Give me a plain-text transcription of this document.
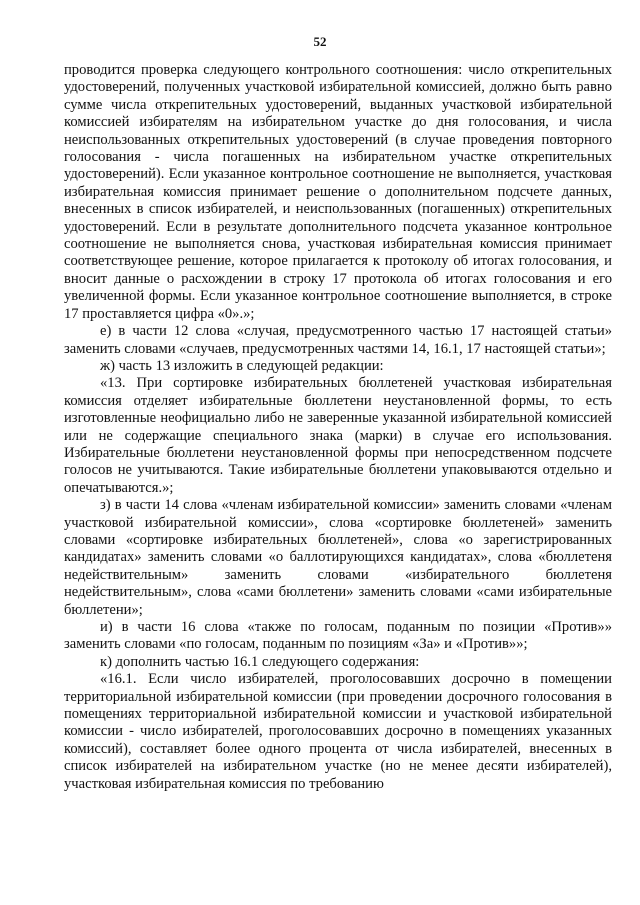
52

проводится проверка следующего контрольного соотношения: число открепительных удостоверений, полученных участковой избирательной комиссией, должно быть равно сумме числа открепительных удостоверений, выданных участковой избирательной комиссией избирателям на избирательном участке до дня голосования, и числа неиспользованных открепительных удостоверений (в случае проведения повторного голосования - числа погашенных на избирательном участке открепительных удостоверений). Если указанное контрольное соотношение не выполняется, участковая избирательная комиссия принимает решение о дополнительном подсчете данных, внесенных в список избирателей, и неиспользованных (погашенных) открепительных удостоверений. Если в результате дополнительного подсчета указанное контрольное соотношение не выполняется снова, участковая избирательная комиссия принимает соответствующее решение, которое прилагается к протоколу об итогах голосования, и вносит данные о расхождении в строку 17 протокола об итогах голосования и его увеличенной формы. Если указанное контрольное соотношение выполняется, в строке 17 проставляется цифра «0».»;

е) в части 12 слова «случая, предусмотренного частью 17 настоящей статьи» заменить словами «случаев, предусмотренных частями 14, 16.1, 17 настоящей статьи»;

ж) часть 13 изложить в следующей редакции:

«13. При сортировке избирательных бюллетеней участковая избирательная комиссия отделяет избирательные бюллетени неустановленной формы, то есть изготовленные неофициально либо не заверенные указанной избирательной комиссией или не содержащие специального знака (марки) в случае его использования. Избирательные бюллетени неустановленной формы при непосредственном подсчете голосов не учитываются. Такие избирательные бюллетени упаковываются отдельно и опечатываются.»;

з) в части 14 слова «членам избирательной комиссии» заменить словами «членам участковой избирательной комиссии», слова «сортировке бюллетеней» заменить словами «сортировке избирательных бюллетеней», слова «о зарегистрированных кандидатах» заменить словами «о баллотирующихся кандидатах», слова «бюллетеня недействительным» заменить словами «избирательного бюллетеня недействительным», слова «сами бюллетени» заменить словами «сами избирательные бюллетени»;

и) в части 16 слова «также по голосам, поданным по позиции «Против»» заменить словами «по голосам, поданным по позициям «За» и «Против»»;

к) дополнить частью 16.1 следующего содержания:

«16.1. Если число избирателей, проголосовавших досрочно в помещении территориальной избирательной комиссии (при проведении досрочного голосования в помещениях территориальной избирательной комиссии и участковой избирательной комиссии - число избирателей, проголосовавших досрочно в помещениях указанных комиссий), составляет более одного процента от числа избирателей, внесенных в список избирателей на избирательном участке (но не менее десяти избирателей), участковая избирательная комиссия по требованию
